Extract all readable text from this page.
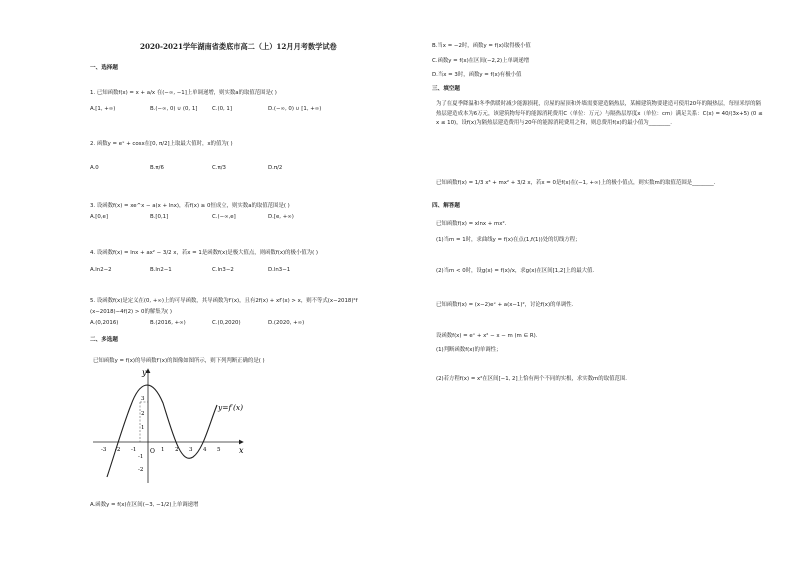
2020-2021学年湖南省娄底市高二（上）12月月考数学试卷
一、选择题
1. 已知函数f(x) = x + a/x 在(−∞, −1]上单调递增，则实数a的取值范围是( )
A.[1, +∞)	B.(−∞, 0) ∪ (0, 1]	C.(0, 1]	D.(−∞, 0) ∪ [1, +∞)
2. 函数y = eˣ + cosx在[0, π/2]上取最大值时，x的值为( )
A.0	B.π/6	C.π/3	D.π/2
3. 设函数f(x) = xe^x − a(x + lnx)，若f(x) ≥ 0恒成立，则实数a的取值范围是( )
A.[0,e]	B.[0,1]	C.(−∞,e]	D.[e, +∞)
4. 设函数f(x) = lnx + ax² − 3/2 x，若x = 1是函数f(x)是极大值点，则函数f(x)的极小值为( )
A.ln2−2	B.ln2−1	C.ln3−2	D.ln3−1
5. 设函数f(x)是定义在(0, +∞)上的可导函数，其导函数为f′(x)，且有2f(x) + xf′(x) > x，则不等式(x−2018)²f
(x−2018)−4f(2) > 0的解集为( )
A.(0,2016)	B.(2016, +∞)	C.(0,2020)	D.(2020, +∞)
二、多选题
已知函数y = f(x)的导函数f′(x)的图像如图所示，则下列判断正确的是( )
y
x
O
y=f′(x)
-3 -2 -1	1 2 3 4 5
3
2
1
-1
-2
A.函数y = f(x)在区间(−3, −1/2)上单调递增
B.当x = −2时，函数y = f(x)取得极小值
C.函数y = f(x)在区间(−2,2)上单调递增
D.当x = 3时，函数y = f(x)有极小值
三、填空题
为了在夏季降温和冬季供暖时减少能源损耗，房屋的屋顶和外墙需要建造隔热层，某幢建筑物要建造可使用20年的隔热层，每厘米厚的隔热层建造成本为6万元，该建筑物每年的能源消耗费用C（单位：万元）与隔热层厚度x（单位：cm）满足关系：C(x) = 40/(3x+5) (0 ≤ x ≤ 10)，设f(x)为隔热层建造费用与20年的能源消耗费用之和，则总费用f(x)的最小值为________.
已知函数f(x) = 1/3 x³ + mx² + 3/2 x，若x = 0是f(x)在(−1, +∞)上的极小值点，则实数m的取值范围是________.
四、解答题
已知函数f(x) = xlnx + mx².
(1)当m = 1时，求曲线y = f(x)在点(1,f(1))处的切线方程；
(2)当m < 0时，设g(x) = f(x)/x，求g(x)在区间[1,2]上的最大值.
已知函数f(x) = (x−2)eˣ + a(x−1)²，讨论f(x)的单调性.
设函数f(x) = eˣ + x² − x − m (m ∈ R).
(1)判断函数f(x)的单调性；
(2)若方程f(x) = x²在区间[−1, 2]上恰有两个不同的实根，求实数m的取值范围.
